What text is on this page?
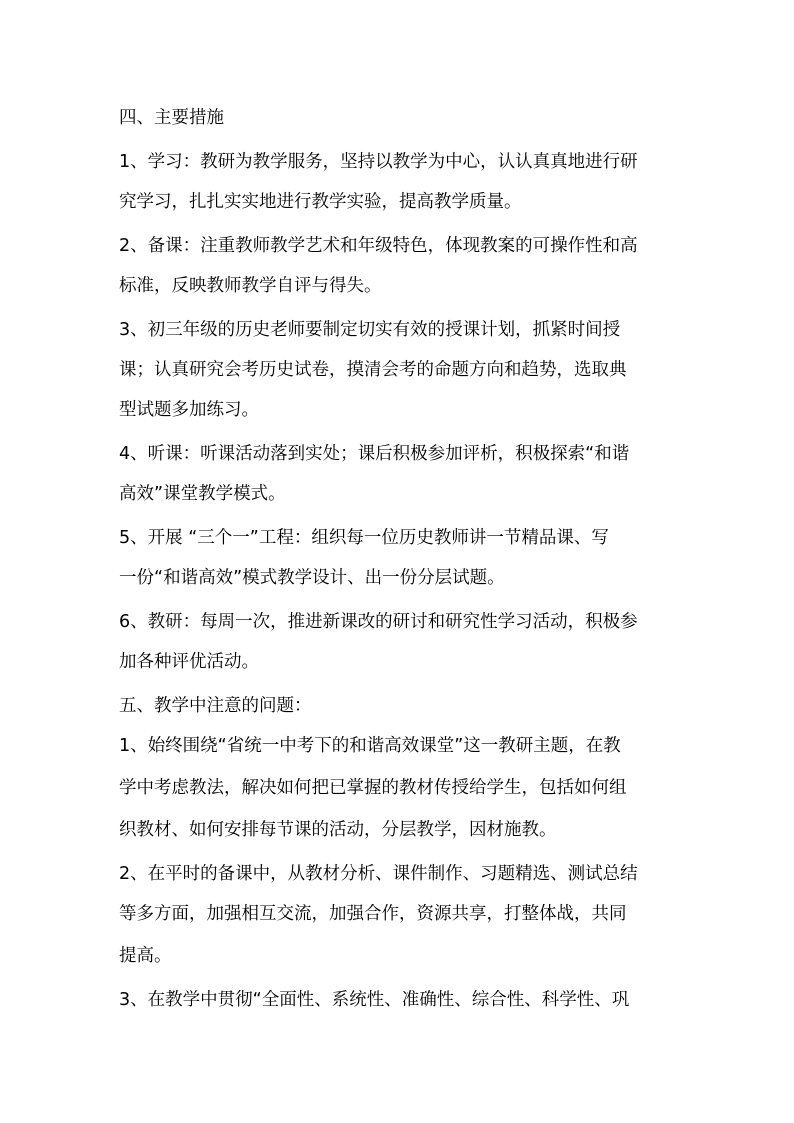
四、主要措施
1、学习：教研为教学服务，坚持以教学为中心，认认真真地进行研
究学习，扎扎实实地进行教学实验，提高教学质量。
2、备课：注重教师教学艺术和年级特色，体现教案的可操作性和高
标准，反映教师教学自评与得失。
3、初三年级的历史老师要制定切实有效的授课计划，抓紧时间授
课；认真研究会考历史试卷，摸清会考的命题方向和趋势，选取典
型试题多加练习。
4、听课：听课活动落到实处；课后积极参加评析，积极探索“和谐
高效”课堂教学模式。
5、开展 “三个一”工程：组织每一位历史教师讲一节精品课、写
一份“和谐高效”模式教学设计、出一份分层试题。
6、教研：每周一次，推进新课改的研讨和研究性学习活动，积极参
加各种评优活动。
五、教学中注意的问题：
1、始终围绕“省统一中考下的和谐高效课堂”这一教研主题，在教
学中考虑教法，解决如何把已掌握的教材传授给学生，包括如何组
织教材、如何安排每节课的活动，分层教学，因材施教。
2、在平时的备课中，从教材分析、课件制作、习题精选、测试总结
等多方面，加强相互交流，加强合作，资源共享，打整体战，共同
提高。
3、在教学中贯彻“全面性、系统性、准确性、综合性、科学性、巩
